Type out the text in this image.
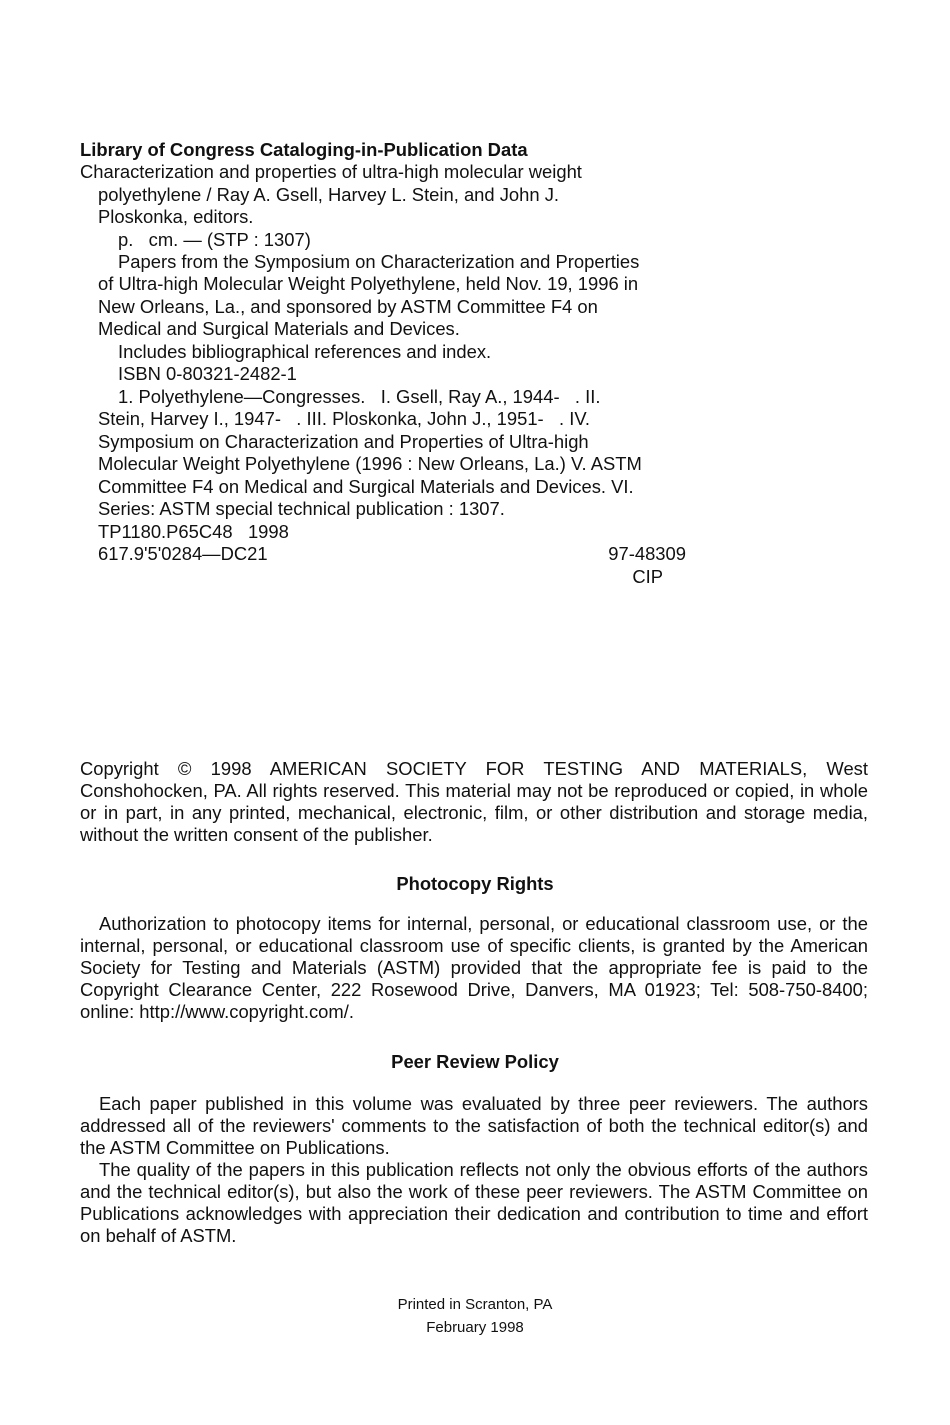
Library of Congress Cataloging-in-Publication Data
Characterization and properties of ultra-high molecular weight
polyethylene / Ray A. Gsell, Harvey L. Stein, and John J.
Ploskonka, editors.
p.   cm. — (STP : 1307)
Papers from the Symposium on Characterization and Properties
of Ultra-high Molecular Weight Polyethylene, held Nov. 19, 1996 in
New Orleans, La., and sponsored by ASTM Committee F4 on
Medical and Surgical Materials and Devices.
Includes bibliographical references and index.
ISBN 0-80321-2482-1
1. Polyethylene—Congresses.   I. Gsell, Ray A., 1944-   . II.
Stein, Harvey I., 1947-   . III. Ploskonka, John J., 1951-   . IV.
Symposium on Characterization and Properties of Ultra-high
Molecular Weight Polyethylene (1996 : New Orleans, La.) V. ASTM
Committee F4 on Medical and Surgical Materials and Devices. VI.
Series: ASTM special technical publication : 1307.
TP1180.P65C48   1998
617.9'5'0284—DC21	97-48309
CIP
Copyright © 1998 AMERICAN SOCIETY FOR TESTING AND MATERIALS, West Conshohocken, PA. All rights reserved. This material may not be reproduced or copied, in whole or in part, in any printed, mechanical, electronic, film, or other distribution and storage media, without the written consent of the publisher.
Photocopy Rights
Authorization to photocopy items for internal, personal, or educational classroom use, or the internal, personal, or educational classroom use of specific clients, is granted by the American Society for Testing and Materials (ASTM) provided that the appropriate fee is paid to the Copyright Clearance Center, 222 Rosewood Drive, Danvers, MA 01923; Tel: 508-750-8400; online: http://www.copyright.com/.
Peer Review Policy
Each paper published in this volume was evaluated by three peer reviewers. The authors addressed all of the reviewers' comments to the satisfaction of both the technical editor(s) and the ASTM Committee on Publications.
The quality of the papers in this publication reflects not only the obvious efforts of the authors and the technical editor(s), but also the work of these peer reviewers. The ASTM Committee on Publications acknowledges with appreciation their dedication and contribution to time and effort on behalf of ASTM.
Printed in Scranton, PA
February 1998
